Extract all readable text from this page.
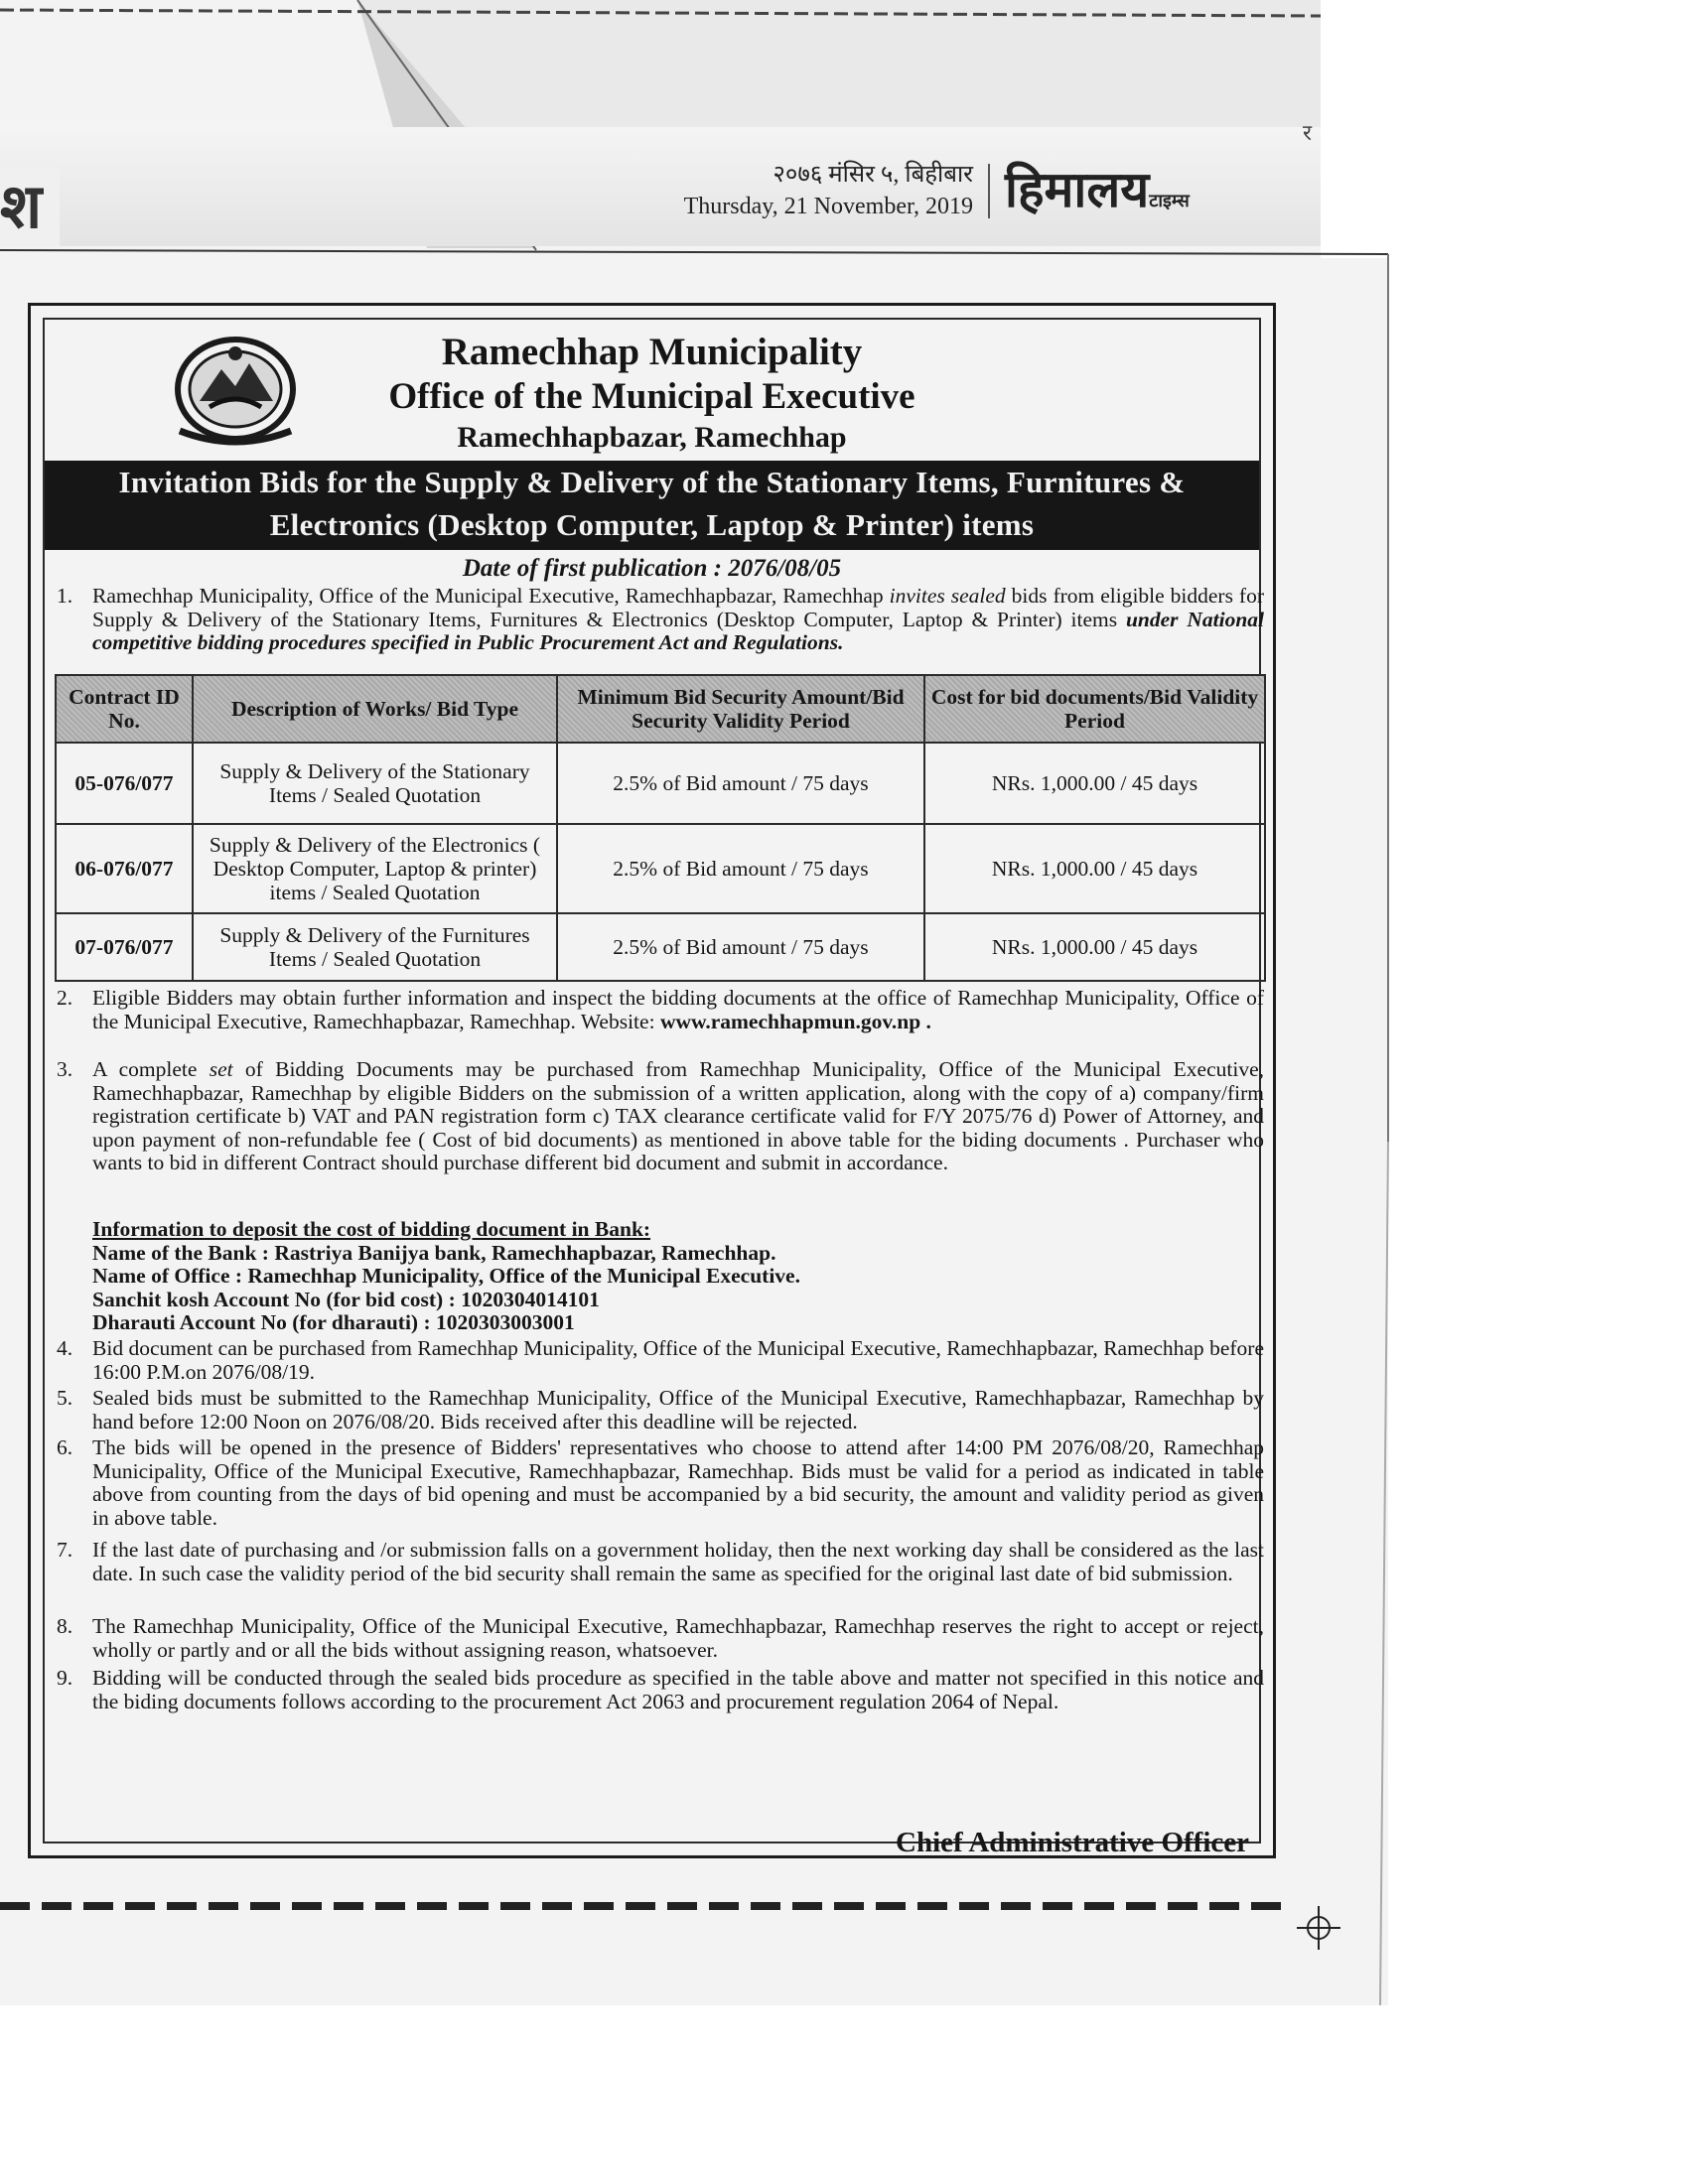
श
र
२०७६ मंसिर ५, बिहीबार
Thursday, 21 November, 2019 हिमालयटाइम्स
Ramechhap Municipality
Office of the Municipal Executive
Ramechhapbazar, Ramechhap
Invitation Bids for the Supply & Delivery of the Stationary Items, Furnitures &
Electronics (Desktop Computer, Laptop & Printer) items
Date of first publication : 2076/08/05
1. Ramechhap Municipality, Office of the Municipal Executive, Ramechhapbazar, Ramechhap invites sealed bids from eligible bidders for Supply & Delivery of the Stationary Items, Furnitures & Electronics (Desktop Computer, Laptop & Printer) items under National competitive bidding procedures specified in Public Procurement Act and Regulations.
Contract ID No.	Description of Works/ Bid Type	Minimum Bid Security Amount/Bid Security Validity Period	Cost for bid documents/Bid Validity Period
05-076/077	Supply & Delivery of the Stationary Items / Sealed Quotation	2.5% of Bid amount / 75 days	NRs. 1,000.00 / 45 days
06-076/077	Supply & Delivery of the Electronics ( Desktop Computer, Laptop & printer) items / Sealed Quotation	2.5% of Bid amount / 75 days	NRs. 1,000.00 / 45 days
07-076/077	Supply & Delivery of the Furnitures Items / Sealed Quotation	2.5% of Bid amount / 75 days	NRs. 1,000.00 / 45 days
2. Eligible Bidders may obtain further information and inspect the bidding documents at the office of Ramechhap Municipality, Office of the Municipal Executive, Ramechhapbazar, Ramechhap. Website: www.ramechhapmun.gov.np .
3. A complete set of Bidding Documents may be purchased from Ramechhap Municipality, Office of the Municipal Executive, Ramechhapbazar, Ramechhap by eligible Bidders on the submission of a written application, along with the copy of a) company/firm registration certificate b) VAT and PAN registration form c) TAX clearance certificate valid for F/Y 2075/76 d) Power of Attorney, and upon payment of non-refundable fee ( Cost of bid documents) as mentioned in above table for the biding documents . Purchaser who wants to bid in different Contract should purchase different bid document and submit in accordance.
Information to deposit the cost of bidding document in Bank:
Name of the Bank : Rastriya Banijya bank, Ramechhapbazar, Ramechhap.
Name of Office : Ramechhap Municipality, Office of the Municipal Executive.
Sanchit kosh Account No (for bid cost) : 1020304014101
Dharauti Account No (for dharauti) : 1020303003001
4. Bid document can be purchased from Ramechhap Municipality, Office of the Municipal Executive, Ramechhapbazar, Ramechhap before 16:00 P.M.on 2076/08/19.
5. Sealed bids must be submitted to the Ramechhap Municipality, Office of the Municipal Executive, Ramechhapbazar, Ramechhap by hand before 12:00 Noon on 2076/08/20. Bids received after this deadline will be rejected.
6. The bids will be opened in the presence of Bidders' representatives who choose to attend after 14:00 PM 2076/08/20, Ramechhap Municipality, Office of the Municipal Executive, Ramechhapbazar, Ramechhap. Bids must be valid for a period as indicated in table above from counting from the days of bid opening and must be accompanied by a bid security, the amount and validity period as given in above table.
7. If the last date of purchasing and /or submission falls on a government holiday, then the next working day shall be considered as the last date. In such case the validity period of the bid security shall remain the same as specified for the original last date of bid submission.
8. The Ramechhap Municipality, Office of the Municipal Executive, Ramechhapbazar, Ramechhap reserves the right to accept or reject, wholly or partly and or all the bids without assigning reason, whatsoever.
9. Bidding will be conducted through the sealed bids procedure as specified in the table above and matter not specified in this notice and the biding documents follows according to the procurement Act 2063 and procurement regulation 2064 of Nepal.
Chief Administrative Officer
